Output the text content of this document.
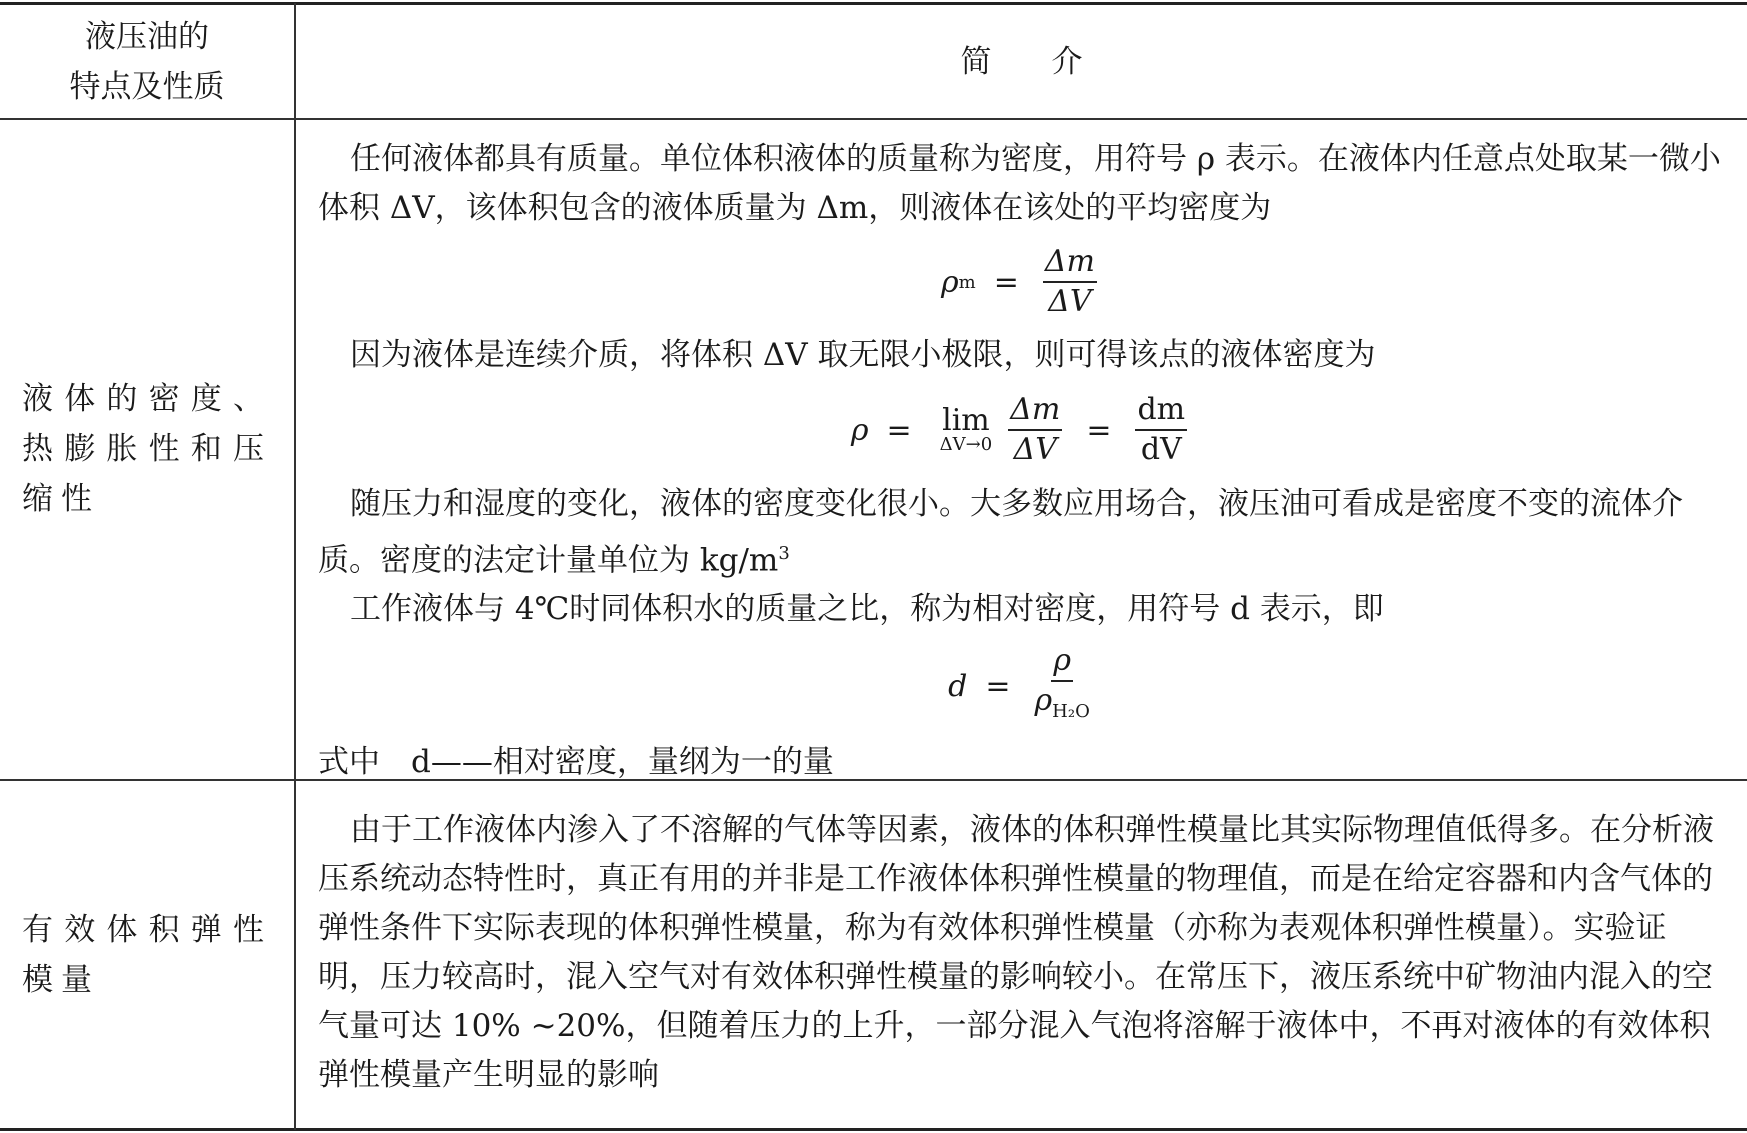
液压油的
特点及性质
简介
液体的密度、热膨胀性和压缩性

任何液体都具有质量。单位体积液体的质量称为密度，用符号 ρ 表示。在液体内任意点处取某一微小体积 ΔV，该体积包含的液体质量为 Δm，则液体在该处的平均密度为

ρ $m = \frac{\Delta m}{\Delta V}$

因为液体是连续介质，将体积 ΔV 取无限小极限，则可得该点的液体密度为

ρ = lim
$\Delta V\to 0 \frac{\Delta m}{\Delta V} = \frac{dm}{dV}$

随压力和湿度的变化，液体的密度变化很小。大多数应用场合，液压油可看成是密度不变的流体介质。密度的法定计量单位为 $kg/m^3$

工作液体与 4℃时同体积水的质量之比，称为相对密度，用符号 d 表示，即

$d = \frac{\rho}{\rho_{H_2O}}$

式中　d——相对密度，量纲为一的量

有效体积弹性模量

由于工作液体内渗入了不溶解的气体等因素，液体的体积弹性模量比其实际物理值低得多。在分析液压系统动态特性时，真正有用的并非是工作液体体积弹性模量的物理值，而是在给定容器和内含气体的弹性条件下实际表现的体积弹性模量，称为有效体积弹性模量（亦称为表观体积弹性模量）。实验证明，压力较高时，混入空气对有效体积弹性模量的影响较小。在常压下，液压系统中矿物油内混入的空气量可达 10% ~20%，但随着压力的上升，一部分混入气泡将溶解于液体中，不再对液体的有效体积弹性模量产生明显的影响
